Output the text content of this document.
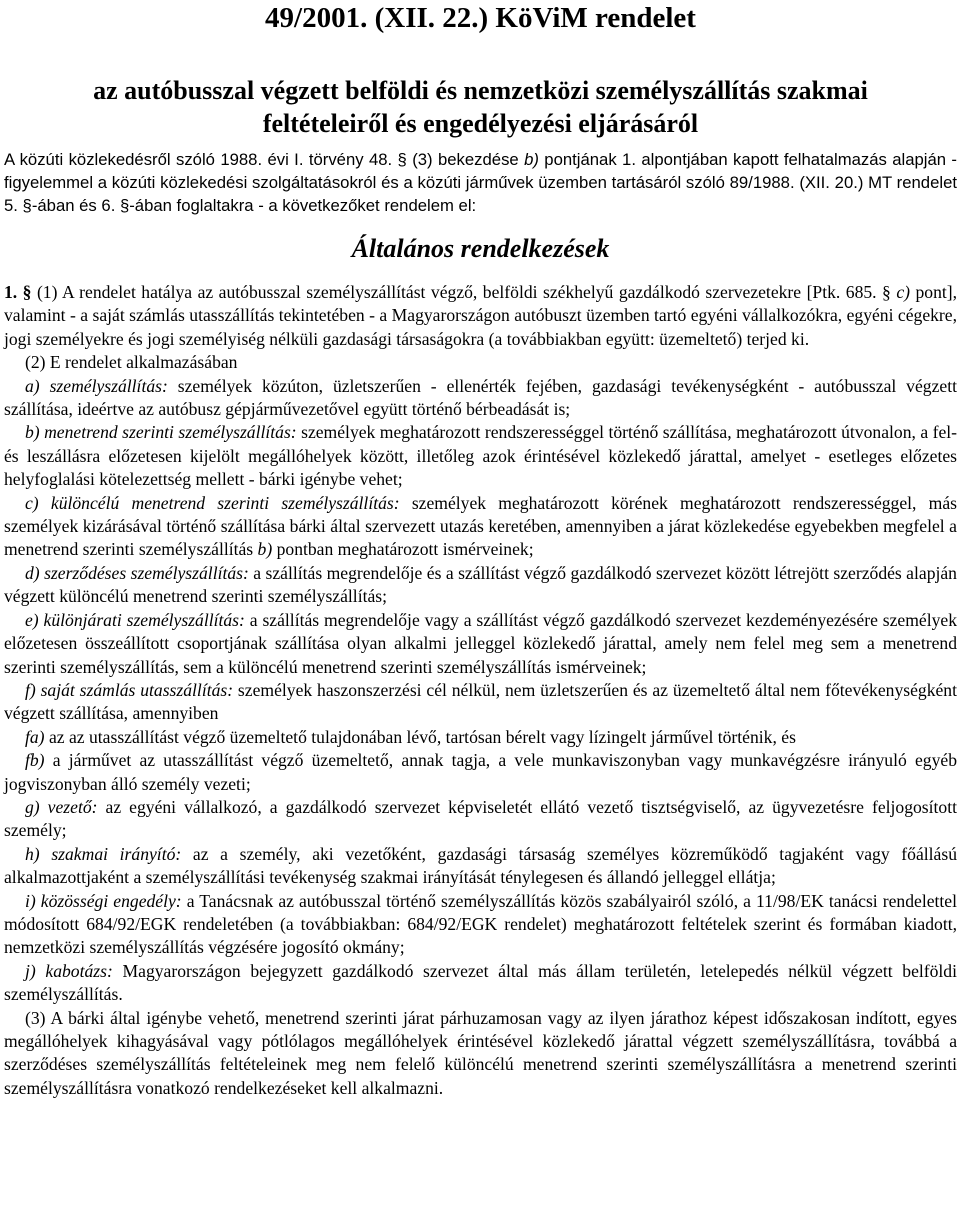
49/2001. (XII. 22.) KöViM rendelet
az autóbusszal végzett belföldi és nemzetközi személyszállítás szakmai
feltételeiről és engedélyezési eljárásáról

A közúti közlekedésről szóló 1988. évi I. törvény 48. § (3) bekezdése b) pontjának 1. alpontjában kapott felhatalmazás alapján - figyelemmel a közúti közlekedési szolgáltatásokról és a közúti járművek üzemben tartásáról szóló 89/1988. (XII. 20.) MT rendelet 5. §-ában és 6. §-ában foglaltakra - a következőket rendelem el:

Általános rendelkezések

1. § (1) A rendelet hatálya az autóbusszal személyszállítást végző, belföldi székhelyű gazdálkodó szervezetekre [Ptk. 685. § c) pont], valamint - a saját számlás utasszállítás tekintetében - a Magyarországon autóbuszt üzemben tartó egyéni vállalkozókra, egyéni cégekre, jogi személyekre és jogi személyiség nélküli gazdasági társaságokra (a továbbiakban együtt: üzemeltető) terjed ki.

(2) E rendelet alkalmazásában

a) személyszállítás: személyek közúton, üzletszerűen - ellenérték fejében, gazdasági tevékenységként - autóbusszal végzett szállítása, ideértve az autóbusz gépjárművezetővel együtt történő bérbeadását is;

b) menetrend szerinti személyszállítás: személyek meghatározott rendszerességgel történő szállítása, meghatározott útvonalon, a fel- és leszállásra előzetesen kijelölt megállóhelyek között, illetőleg azok érintésével közlekedő járattal, amelyet - esetleges előzetes helyfoglalási kötelezettség mellett - bárki igénybe vehet;

c) különcélú menetrend szerinti személyszállítás: személyek meghatározott körének meghatározott rendszerességgel, más személyek kizárásával történő szállítása bárki által szervezett utazás keretében, amennyiben a járat közlekedése egyebekben megfelel a menetrend szerinti személyszállítás b) pontban meghatározott ismérveinek;

d) szerződéses személyszállítás: a szállítás megrendelője és a szállítást végző gazdálkodó szervezet között létrejött szerződés alapján végzett különcélú menetrend szerinti személyszállítás;

e) különjárati személyszállítás: a szállítás megrendelője vagy a szállítást végző gazdálkodó szervezet kezdeményezésére személyek előzetesen összeállított csoportjának szállítása olyan alkalmi jelleggel közlekedő járattal, amely nem felel meg sem a menetrend szerinti személyszállítás, sem a különcélú menetrend szerinti személyszállítás ismérveinek;

f) saját számlás utasszállítás: személyek haszonszerzési cél nélkül, nem üzletszerűen és az üzemeltető által nem főtevékenységként végzett szállítása, amennyiben

fa) az az utasszállítást végző üzemeltető tulajdonában lévő, tartósan bérelt vagy lízingelt járművel történik, és

fb) a járművet az utasszállítást végző üzemeltető, annak tagja, a vele munkaviszonyban vagy munkavégzésre irányuló egyéb jogviszonyban álló személy vezeti;

g) vezető: az egyéni vállalkozó, a gazdálkodó szervezet képviseletét ellátó vezető tisztségviselő, az ügyvezetésre feljogosított személy;

h) szakmai irányító: az a személy, aki vezetőként, gazdasági társaság személyes közreműködő tagjaként vagy főállású alkalmazottjaként a személyszállítási tevékenység szakmai irányítását ténylegesen és állandó jelleggel ellátja;

i) közösségi engedély: a Tanácsnak az autóbusszal történő személyszállítás közös szabályairól szóló, a 11/98/EK tanácsi rendelettel módosított 684/92/EGK rendeletében (a továbbiakban: 684/92/EGK rendelet) meghatározott feltételek szerint és formában kiadott, nemzetközi személyszállítás végzésére jogosító okmány;

j) kabotázs: Magyarországon bejegyzett gazdálkodó szervezet által más állam területén, letelepedés nélkül végzett belföldi személyszállítás.

(3) A bárki által igénybe vehető, menetrend szerinti járat párhuzamosan vagy az ilyen járathoz képest időszakosan indított, egyes megállóhelyek kihagyásával vagy pótlólagos megállóhelyek érintésével közlekedő járattal végzett személyszállításra, továbbá a szerződéses személyszállítás feltételeinek meg nem felelő különcélú menetrend szerinti személyszállításra a menetrend szerinti személyszállításra vonatkozó rendelkezéseket kell alkalmazni.
